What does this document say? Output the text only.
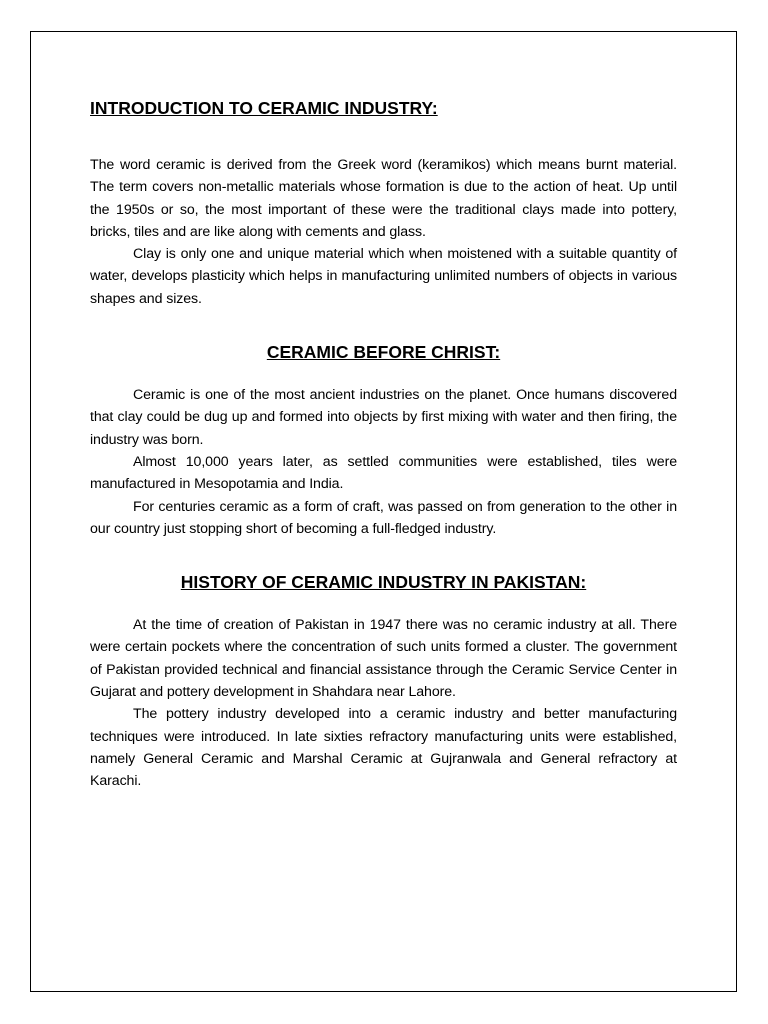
INTRODUCTION TO CERAMIC INDUSTRY:

The word ceramic is derived from the Greek word (keramikos) which means burnt material. The term covers non-metallic materials whose formation is due to the action of heat. Up until the 1950s or so, the most important of these were the traditional clays made into pottery, bricks, tiles and are like along with cements and glass.

Clay is only one and unique material which when moistened with a suitable quantity of water, develops plasticity which helps in manufacturing unlimited numbers of objects in various shapes and sizes.

CERAMIC BEFORE CHRIST:

Ceramic is one of the most ancient industries on the planet. Once humans discovered that clay could be dug up and formed into objects by first mixing with water and then firing, the industry was born.

Almost 10,000 years later, as settled communities were established, tiles were manufactured in Mesopotamia and India.

For centuries ceramic as a form of craft, was passed on from generation to the other in our country just stopping short of becoming a full-fledged industry.

HISTORY OF CERAMIC INDUSTRY IN PAKISTAN:

At the time of creation of Pakistan in 1947 there was no ceramic industry at all. There were certain pockets where the concentration of such units formed a cluster. The government of Pakistan provided technical and financial assistance through the Ceramic Service Center in Gujarat and pottery development in Shahdara near Lahore.

The pottery industry developed into a ceramic industry and better manufacturing techniques were introduced. In late sixties refractory manufacturing units were established, namely General Ceramic and Marshal Ceramic at Gujranwala and General refractory at Karachi.
